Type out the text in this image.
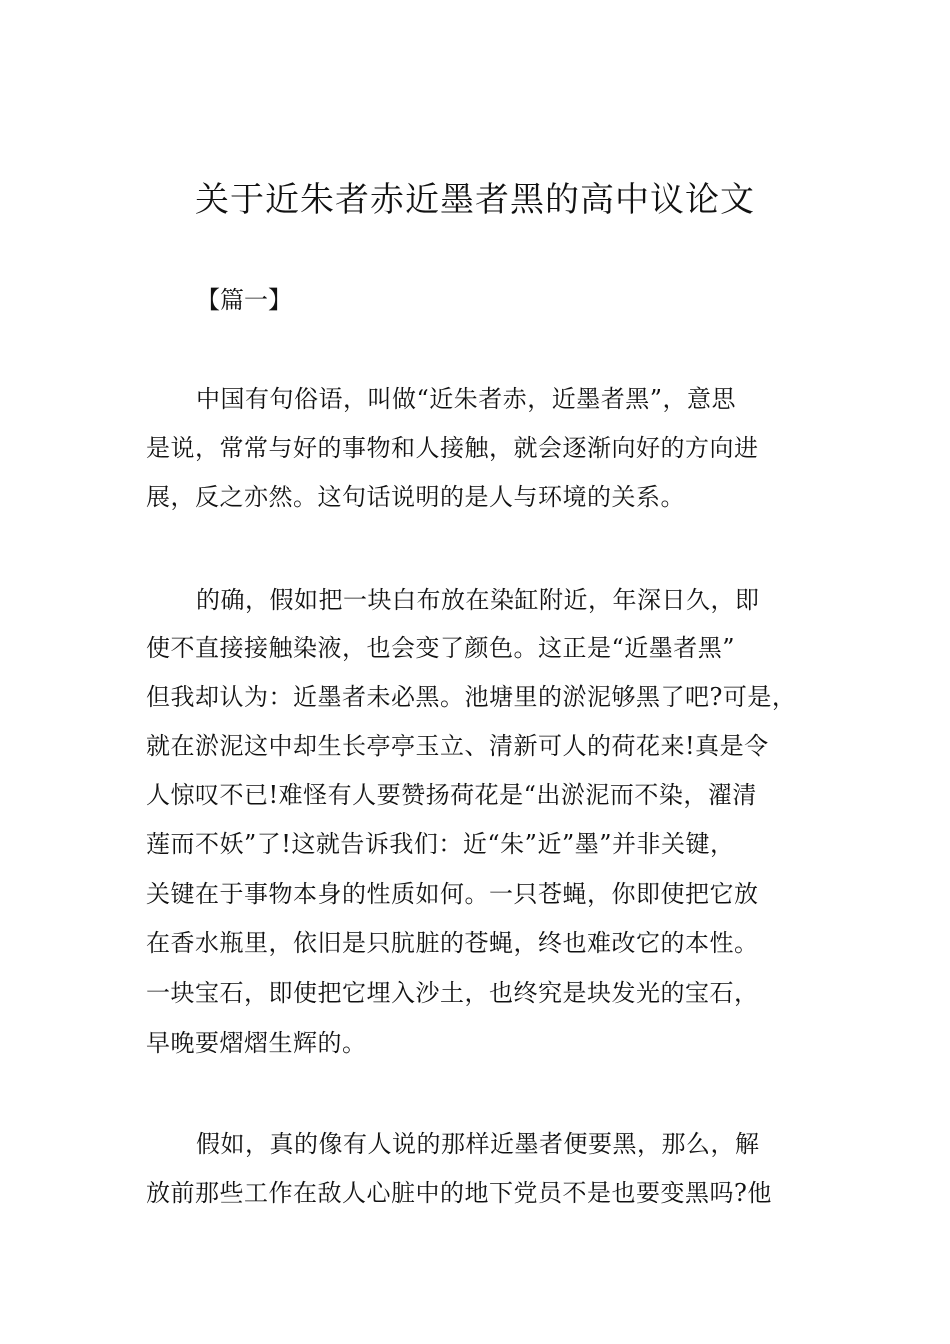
关于近朱者赤近墨者黑的高中议论文
【篇一】
中国有句俗语，叫做“近朱者赤，近墨者黑”，意思
是说，常常与好的事物和人接触，就会逐渐向好的方向进
展，反之亦然。这句话说明的是人与环境的关系。
的确，假如把一块白布放在染缸附近，年深日久，即
使不直接接触染液，也会变了颜色。这正是“近墨者黑”
但我却认为：近墨者未必黑。池塘里的淤泥够黑了吧?可是，
就在淤泥这中却生长亭亭玉立、清新可人的荷花来!真是令
人惊叹不已!难怪有人要赞扬荷花是“出淤泥而不染，濯清
莲而不妖”了!这就告诉我们：近“朱”近”墨”并非关键，
关键在于事物本身的性质如何。一只苍蝇，你即使把它放
在香水瓶里，依旧是只肮脏的苍蝇，终也难改它的本性。
一块宝石，即使把它埋入沙土，也终究是块发光的宝石，
早晚要熠熠生辉的。
假如，真的像有人说的那样近墨者便要黑，那么，解
放前那些工作在敌人心脏中的地下党员不是也要变黑吗?他
